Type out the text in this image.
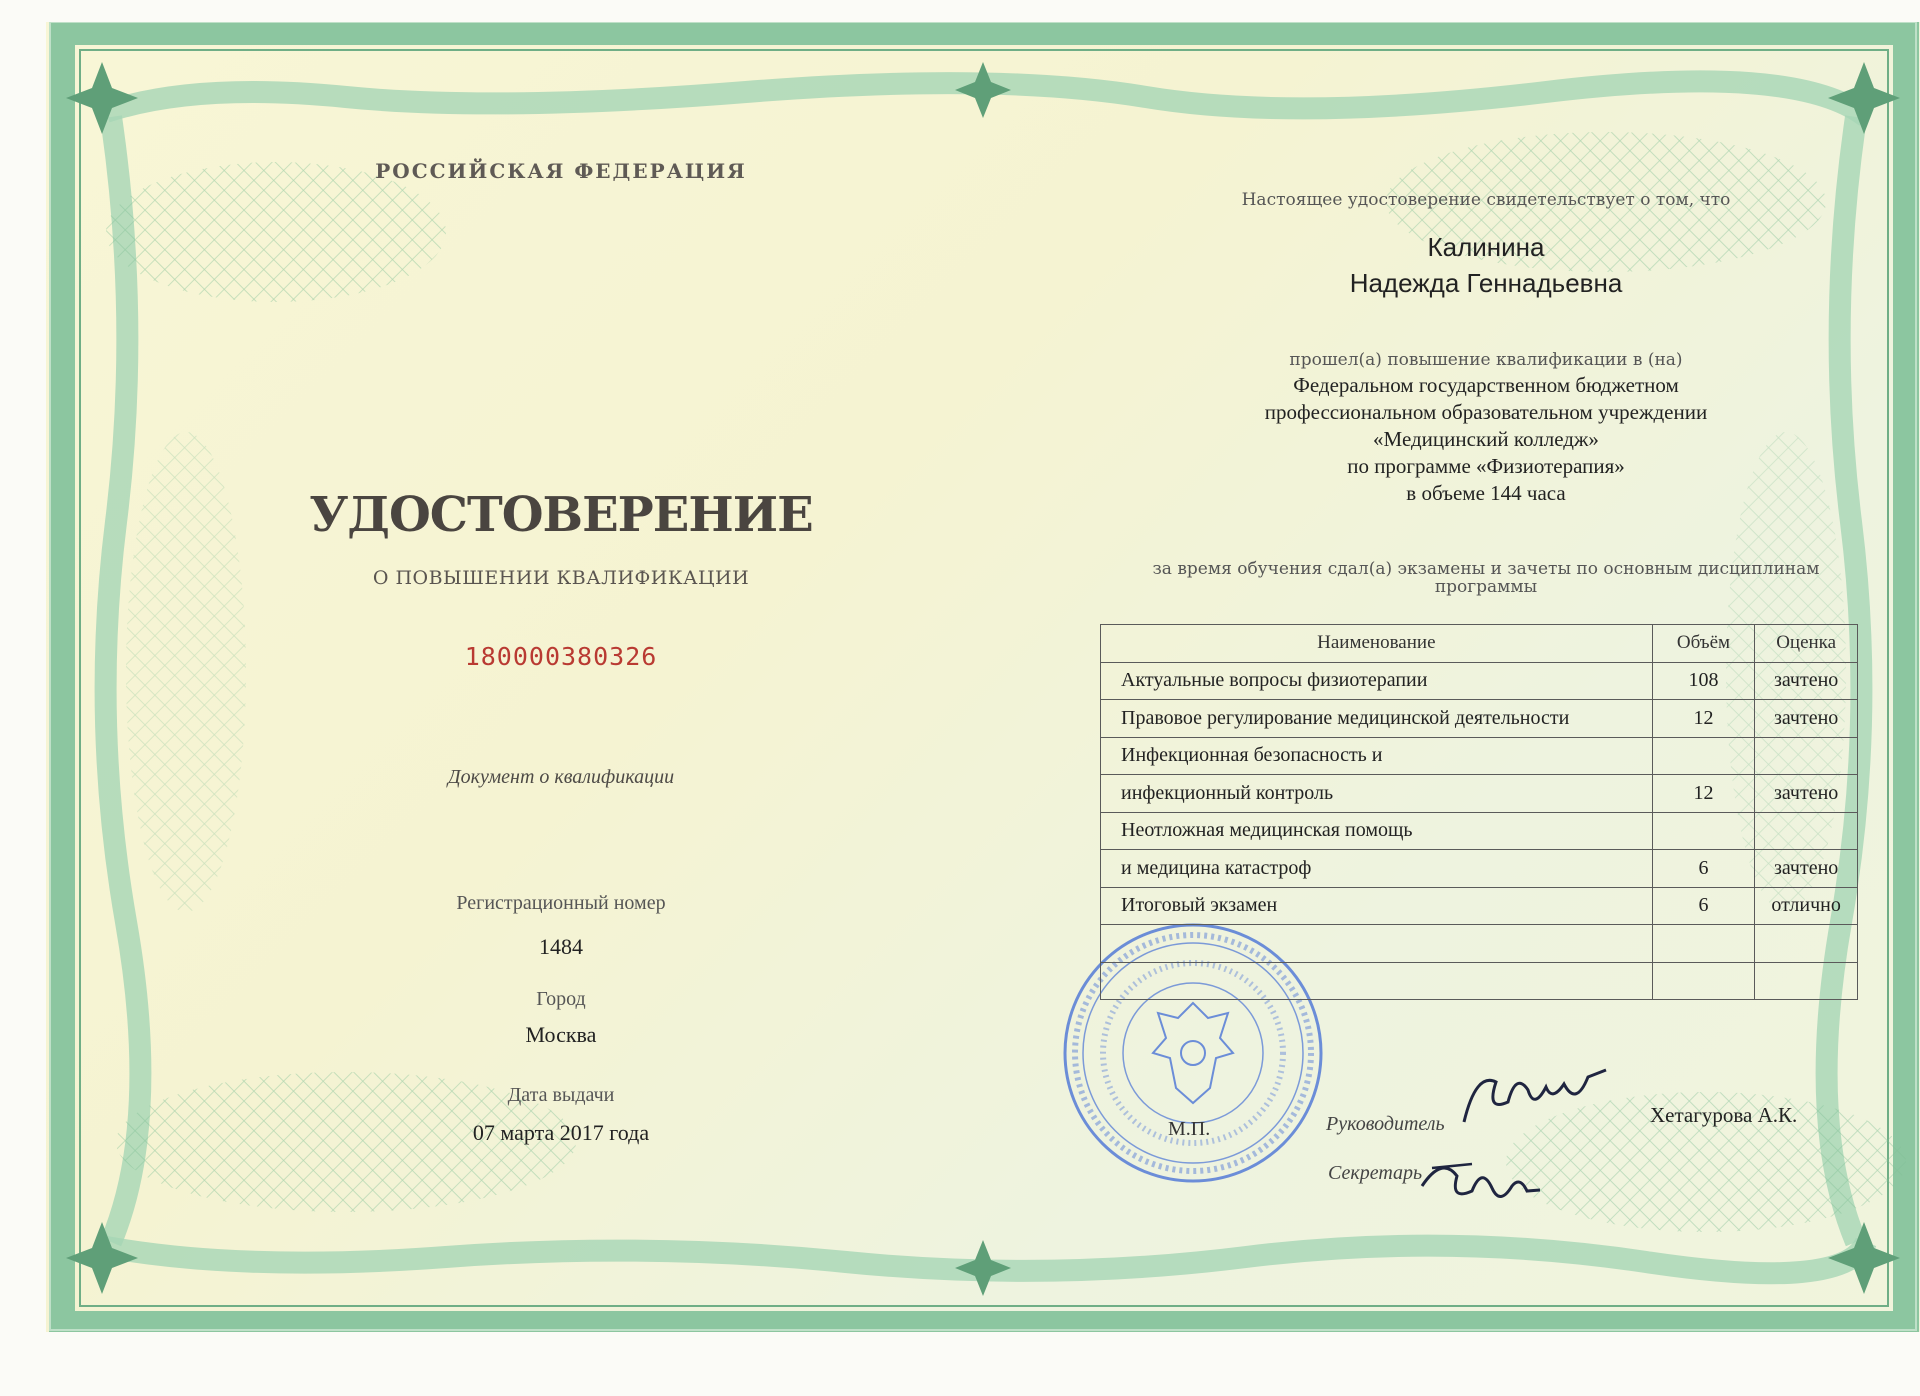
РОССИЙСКАЯ ФЕДЕРАЦИЯ
УДОСТОВЕРЕНИЕ
О ПОВЫШЕНИИ КВАЛИФИКАЦИИ
180000380326
Документ о квалификации
Регистрационный номер
1484
Город
Москва
Дата выдачи
07 марта 2017 года
Настоящее удостоверение свидетельствует о том, что
Калинина
Надежда Геннадьевна
прошел(а) повышение квалификации в (на)
Федеральном государственном бюджетном
профессиональном образовательном учреждении
«Медицинский колледж»
по программе «Физиотерапия»
в объеме 144 часа
за время обучения сдал(а) экзамены и зачеты по основным дисциплинам
программы
Наименование	Объём	Оценка
Актуальные вопросы физиотерапии	108	зачтено
Правовое регулирование медицинской деятельности	12	зачтено
Инфекционная безопасность и		
инфекционный контроль	12	зачтено
Неотложная медицинская помощь		
и медицина катастроф	6	зачтено
Итоговый экзамен	6	отлично

М.П.	Руководитель	Хетагурова А.К.
Секретарь
